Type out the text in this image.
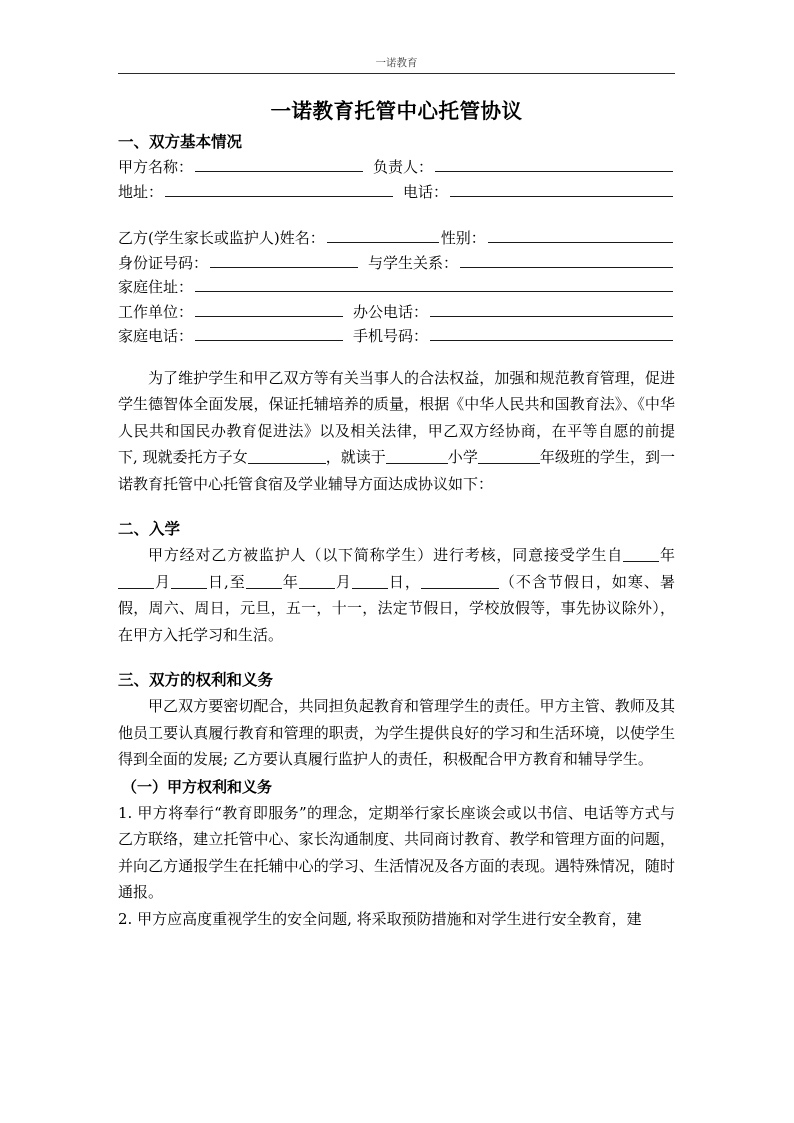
一诺教育
一诺教育托管中心托管协议
一、双方基本情况
甲方名称：	负责人：
地址：	电话：
乙方(学生家长或监护人)姓名：	性别：
身份证号码：	与学生关系：
家庭住址：
工作单位：	办公电话：
家庭电话：	手机号码：

为了维护学生和甲乙双方等有关当事人的合法权益，加强和规范教育管理，促进学生德智体全面发展，保证托辅培养的质量，根据《中华人民共和国教育法》、《中华人民共和国民办教育促进法》以及相关法律，甲乙双方经协商，在平等自愿的前提下, 现就委托方子女	，就读于	小学	年级班的学生，到一诺教育托管中心托管食宿及学业辅导方面达成协议如下：

二、入学

甲方经对乙方被监护人（以下简称学生）进行考核，同意接受学生自 年月 日,至 年 月 日，	（不含节假日，如寒、暑假，周六、周日，元旦，五一，十一，法定节假日，学校放假等，事先协议除外），在甲方入托学习和生活。

三、双方的权利和义务

甲乙双方要密切配合，共同担负起教育和管理学生的责任。甲方主管、教师及其他员工要认真履行教育和管理的职责，为学生提供良好的学习和生活环境，以使学生得到全面的发展; 乙方要认真履行监护人的责任，积极配合甲方教育和辅导学生。

（一）甲方权利和义务

1. 甲方将奉行“教育即服务”的理念，定期举行家长座谈会或以书信、电话等方式与乙方联络，建立托管中心、家长沟通制度、共同商讨教育、教学和管理方面的问题，并向乙方通报学生在托辅中心的学习、生活情况及各方面的表现。遇特殊情况，随时通报。

2. 甲方应高度重视学生的安全问题, 将采取预防措施和对学生进行安全教育，建
